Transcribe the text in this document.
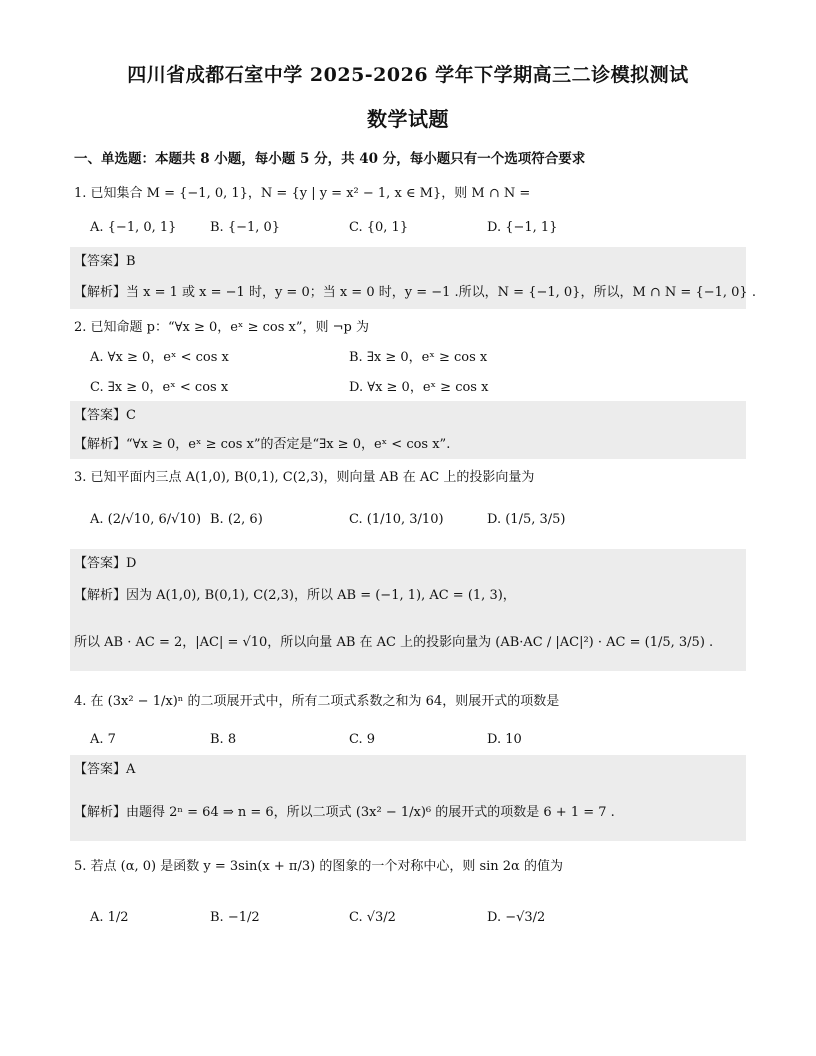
四川省成都石室中学 2025-2026 学年下学期高三二诊模拟测试
数学试题
一、单选题：本题共 8 小题，每小题 5 分，共 40 分，每小题只有一个选项符合要求
1. 已知集合 M = {−1, 0, 1}，N = {y | y = x² − 1, x ∈ M}，则 M ∩ N =
A. {−1, 0, 1}	B. {−1, 0}	C. {0, 1}	D. {−1, 1}
【答案】B
【解析】当 x = 1 或 x = −1 时，y = 0；当 x = 0 时，y = −1 .所以，N = {−1, 0}，所以，M ∩ N = {−1, 0} .
2. 已知命题 p：“∀x ≥ 0，eˣ ≥ cos x”，则 ¬p 为
A. ∀x ≥ 0，eˣ < cos x	B. ∃x ≥ 0，eˣ ≥ cos x
C. ∃x ≥ 0，eˣ < cos x	D. ∀x ≥ 0，eˣ ≥ cos x
【答案】C
【解析】“∀x ≥ 0，eˣ ≥ cos x”的否定是“∃x ≥ 0，eˣ < cos x”.
3. 已知平面内三点 A(1,0), B(0,1), C(2,3)，则向量 AB 在 AC 上的投影向量为
A. (2/√10, 6/√10) B. (2, 6)	C. (1/10, 3/10)	D. (1/5, 3/5)
【答案】D
【解析】因为 A(1,0), B(0,1), C(2,3)，所以 AB = (−1, 1), AC = (1, 3)，
所以 AB · AC = 2，|AC| = √10，所以向量 AB 在 AC 上的投影向量为 (AB·AC / |AC|²) · AC = (1/5, 3/5) .
4. 在 (3x² − 1/x)ⁿ 的二项展开式中，所有二项式系数之和为 64，则展开式的项数是
A. 7	B. 8	C. 9	D. 10
【答案】A
【解析】由题得 2ⁿ = 64 ⇒ n = 6，所以二项式 (3x² − 1/x)⁶ 的展开式的项数是 6 + 1 = 7 .
5. 若点 (α, 0) 是函数 y = 3sin(x + π/3) 的图象的一个对称中心，则 sin 2α 的值为
A. 1/2	B. −1/2	C. √3/2	D. −√3/2
